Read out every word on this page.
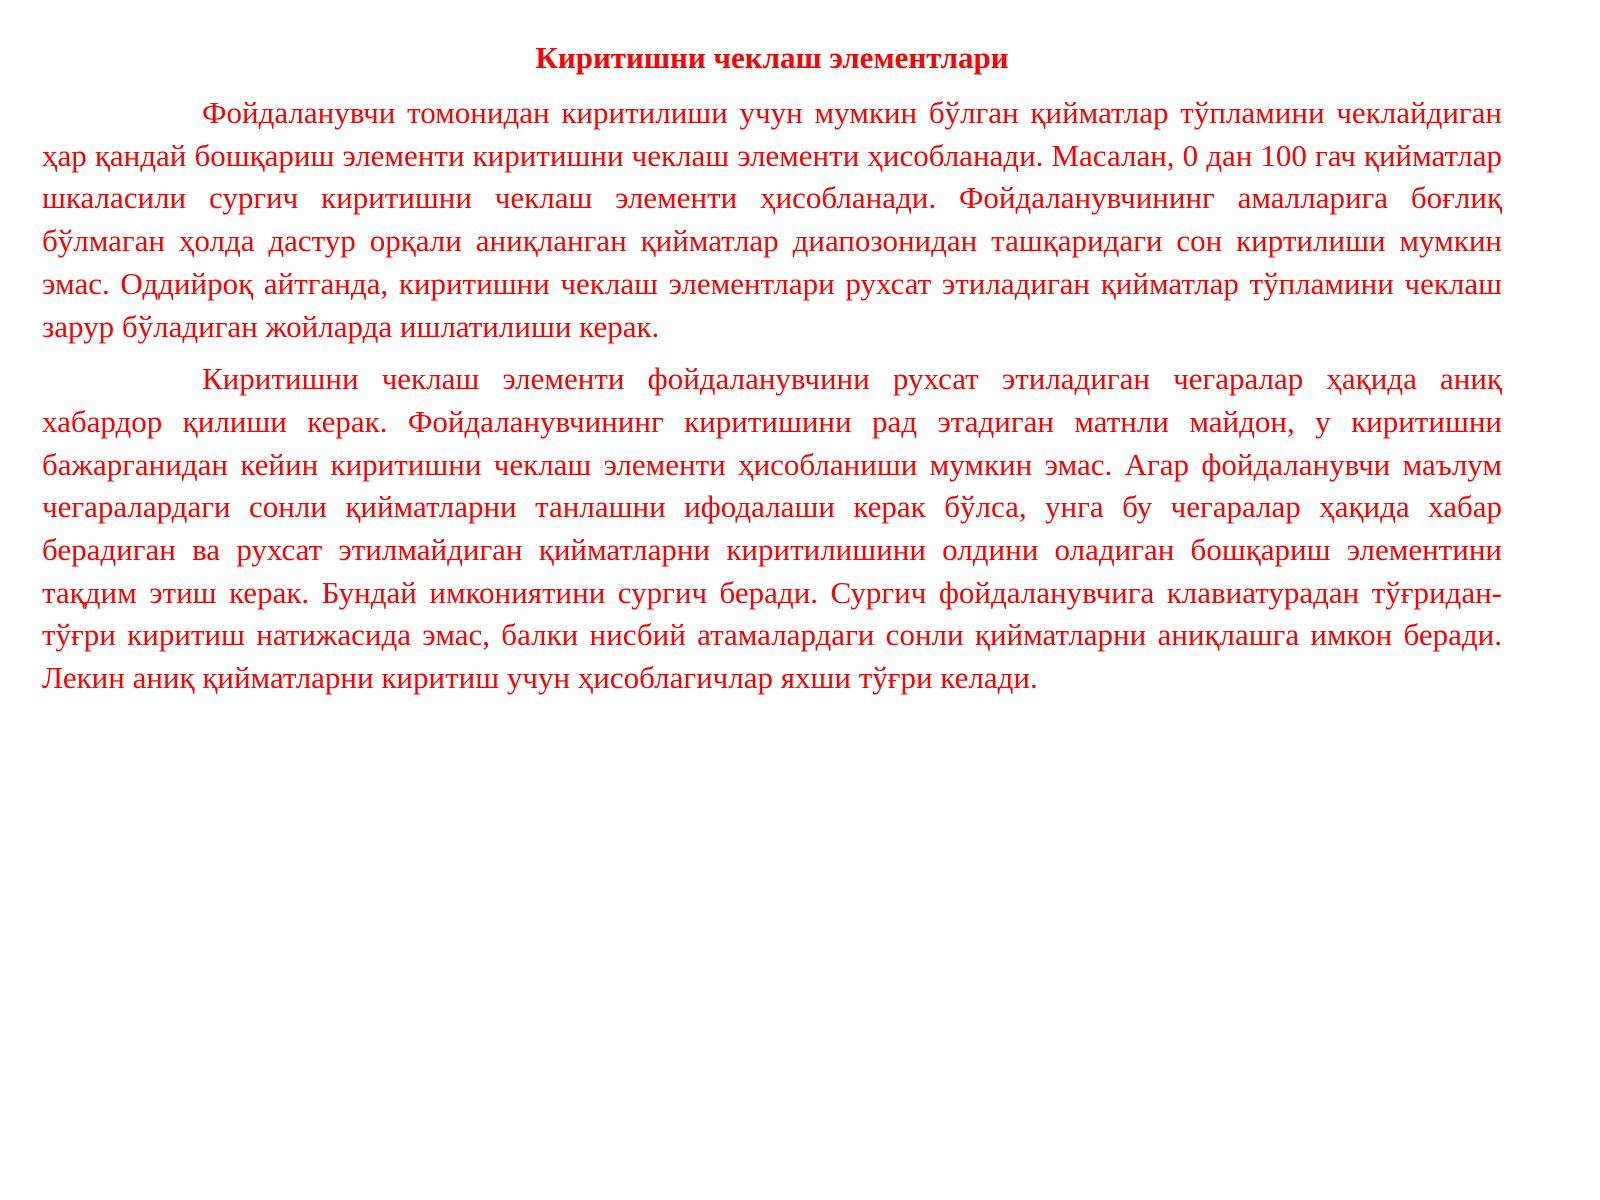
Киритишни чеклаш элементлари

Фойдаланувчи томонидан киритилиши учун мумкин бўлган қийматлар тўпламини чеклайдиган ҳар қандай бошқариш элементи киритишни чеклаш элементи ҳисобланади. Масалан, 0 дан 100 гач қийматлар шкаласили сургич киритишни чеклаш элементи ҳисобланади. Фойдаланувчининг амалларига боғлиқ бўлмаган ҳолда дастур орқали аниқланган қийматлар диапозонидан ташқаридаги сон киртилиши мумкин эмас. Оддийроқ айтганда, киритишни чеклаш элементлари рухсат этиладиган қийматлар тўпламини чеклаш зарур бўладиган жойларда ишлатилиши керак.

Киритишни чеклаш элементи фойдаланувчини рухсат этиладиган чегаралар ҳақида аниқ хабардор қилиши керак. Фойдаланувчининг киритишини рад этадиган матнли майдон, у киритишни бажарганидан кейин киритишни чеклаш элементи ҳисобланиши мумкин эмас. Агар фойдаланувчи маълум чегаралардаги сонли қийматларни танлашни ифодалаши керак бўлса, унга бу чегаралар ҳақида хабар берадиган ва рухсат этилмайдиган қийматларни киритилишини олдини оладиган бошқариш элементини тақдим этиш керак. Бундай имкониятини сургич беради. Сургич фойдаланувчига клавиатурадан тўғридан-тўғри киритиш натижасида эмас, балки нисбий атамалардаги сонли қийматларни аниқлашга имкон беради. Лекин аниқ қийматларни киритиш учун ҳисоблагичлар яхши тўғри келади.
